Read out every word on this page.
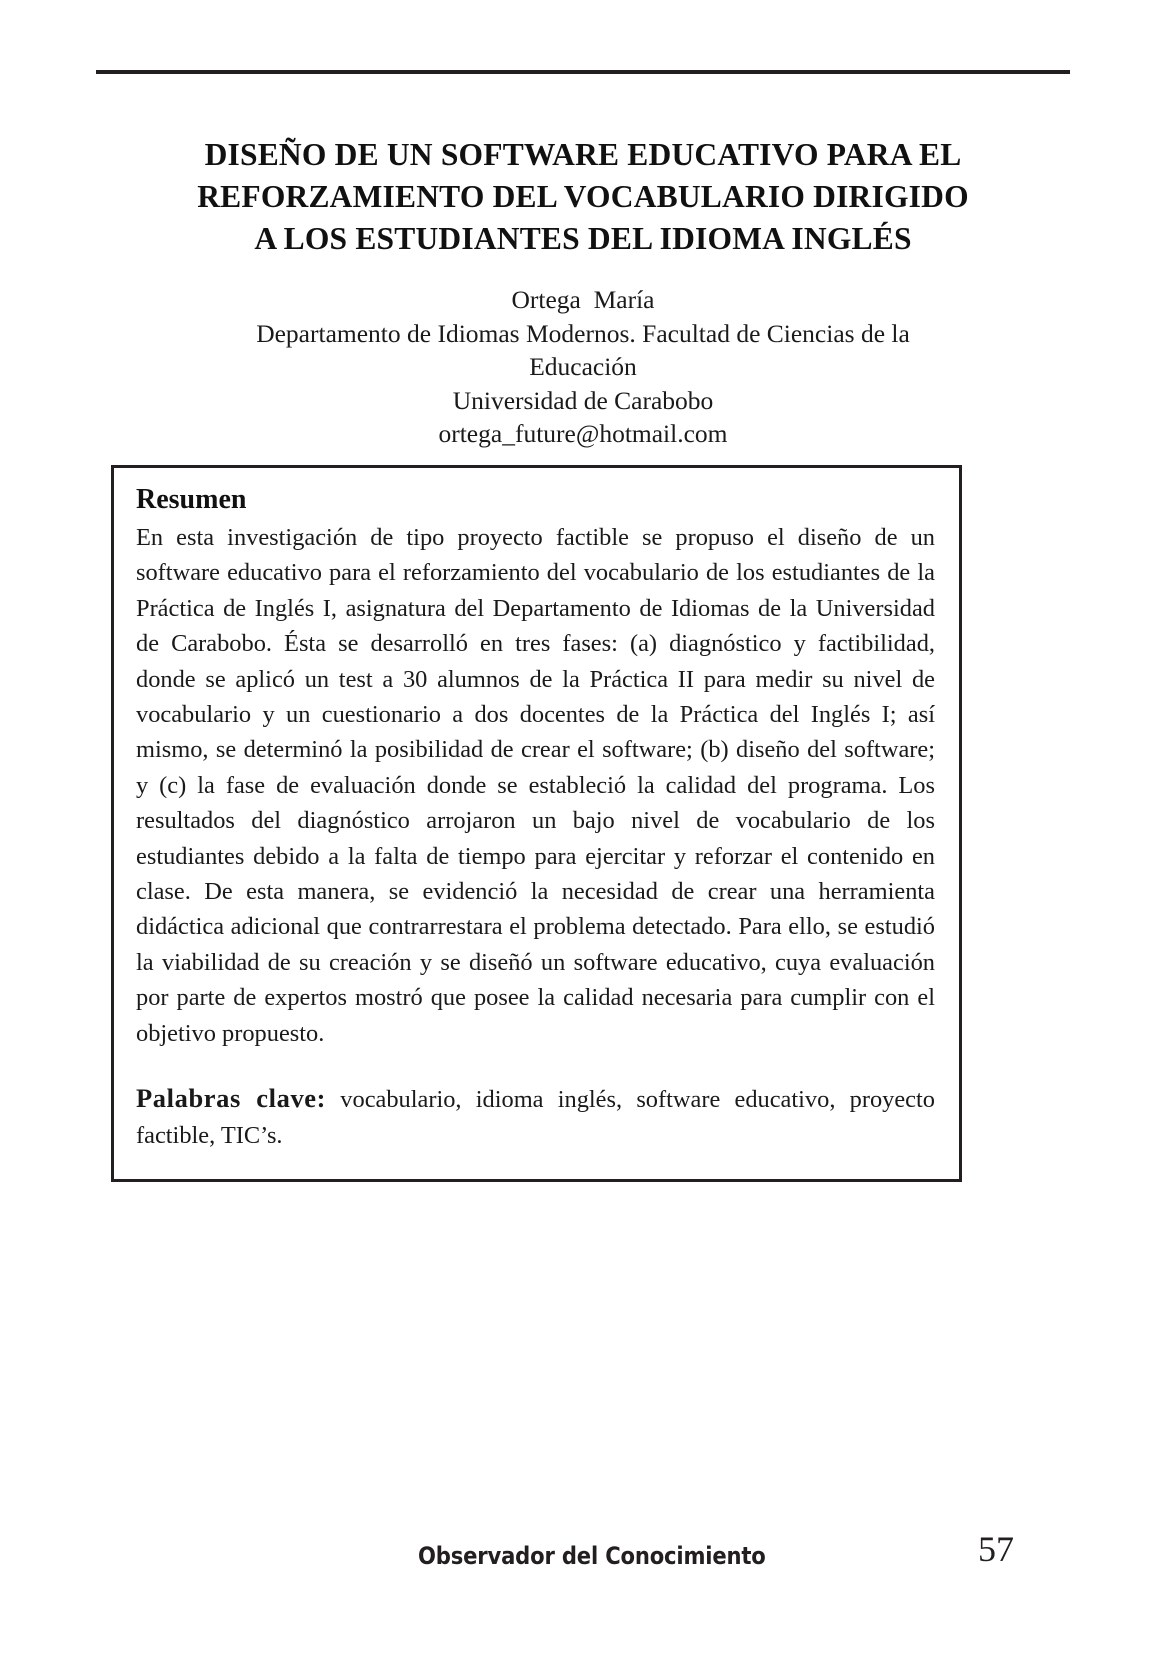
DISEÑO DE UN SOFTWARE EDUCATIVO PARA EL
REFORZAMIENTO DEL VOCABULARIO DIRIGIDO
A LOS ESTUDIANTES DEL IDIOMA INGLÉS
Ortega  María
Departamento de Idiomas Modernos. Facultad de Ciencias de la
Educación
Universidad de Carabobo
ortega_future@hotmail.com
Resumen

En esta investigación de tipo proyecto factible se propuso el diseño de un software educativo para el reforzamiento del vocabulario de los estudiantes de la Práctica de Inglés I, asignatura del Departamento de Idiomas de la Universidad de Carabobo. Ésta se desarrolló en tres fases: (a) diagnóstico y factibilidad, donde se aplicó un test a 30 alumnos de la Práctica II para medir su nivel de vocabulario y un cuestionario a dos docentes de la Práctica del Inglés I; así mismo, se determinó la posibilidad de crear el software; (b) diseño del software; y (c) la fase de evaluación donde se estableció la calidad del programa. Los resultados del diagnóstico arrojaron un bajo nivel de vocabulario de los estudiantes debido a la falta de tiempo para ejercitar y reforzar el contenido en clase. De esta manera, se evidenció la necesidad de crear una herramienta didáctica adicional que contrarrestara el problema detectado. Para ello, se estudió la viabilidad de su creación y se diseñó un software educativo, cuya evaluación por parte de expertos mostró que posee la calidad necesaria para cumplir con el objetivo propuesto.

Palabras clave: vocabulario, idioma inglés, software educativo, proyecto factible, TIC’s.

Observador del Conocimiento	57
